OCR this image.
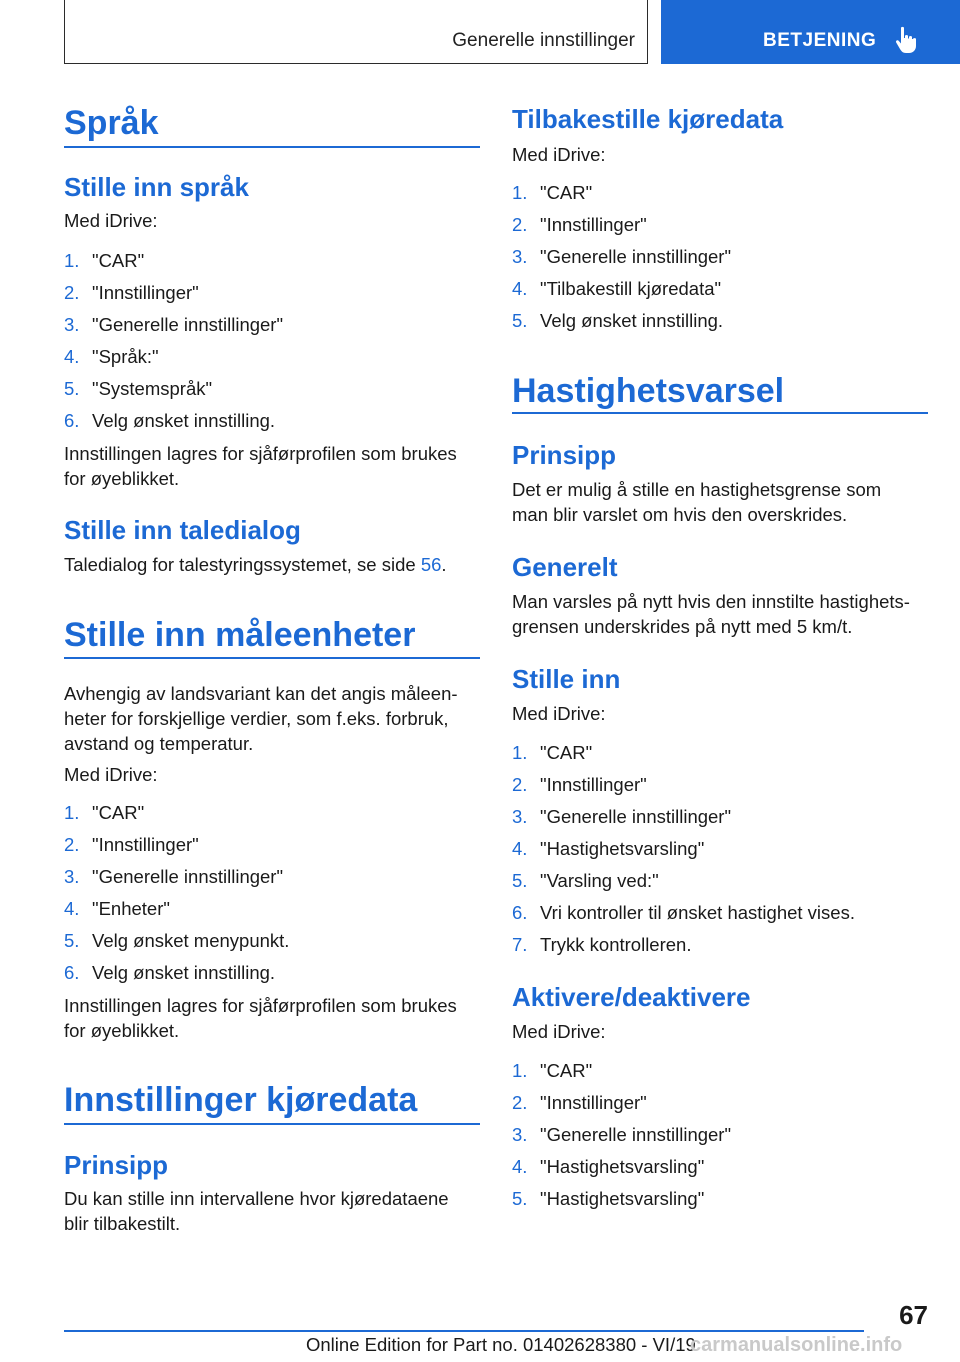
Generelle innstillinger	BETJENING
Språk
Stille inn språk
Med iDrive:
1. "CAR"
2. "Innstillinger"
3. "Generelle innstillinger"
4. "Språk:"
5. "Systemspråk"
6. Velg ønsket innstilling.
Innstillingen lagres for sjåførprofilen som brukes
for øyeblikket.
Stille inn taledialog
Taledialog for talestyringssystemet, se side 56.
Stille inn måleenheter
Avhengig av landsvariant kan det angis måleen‐
heter for forskjellige verdier, som f.eks. forbruk,
avstand og temperatur.
Med iDrive:
1. "CAR"
2. "Innstillinger"
3. "Generelle innstillinger"
4. "Enheter"
5. Velg ønsket menypunkt.
6. Velg ønsket innstilling.
Innstillingen lagres for sjåførprofilen som brukes
for øyeblikket.
Innstillinger kjøredata
Prinsipp
Du kan stille inn intervallene hvor kjøredataene
blir tilbakestilt.
Tilbakestille kjøredata
Med iDrive:
1. "CAR"
2. "Innstillinger"
3. "Generelle innstillinger"
4. "Tilbakestill kjøredata"
5. Velg ønsket innstilling.
Hastighetsvarsel
Prinsipp
Det er mulig å stille en hastighetsgrense som
man blir varslet om hvis den overskrides.
Generelt
Man varsles på nytt hvis den innstilte hastighets‐
grensen underskrides på nytt med 5 km/t.
Stille inn
Med iDrive:
1. "CAR"
2. "Innstillinger"
3. "Generelle innstillinger"
4. "Hastighetsvarsling"
5. "Varsling ved:"
6. Vri kontroller til ønsket hastighet vises.
7. Trykk kontrolleren.
Aktivere/deaktivere
Med iDrive:
1. "CAR"
2. "Innstillinger"
3. "Generelle innstillinger"
4. "Hastighetsvarsling"
5. "Hastighetsvarsling"
67
Online Edition for Part no. 01402628380 - VI/19
carmanualsonline.info
